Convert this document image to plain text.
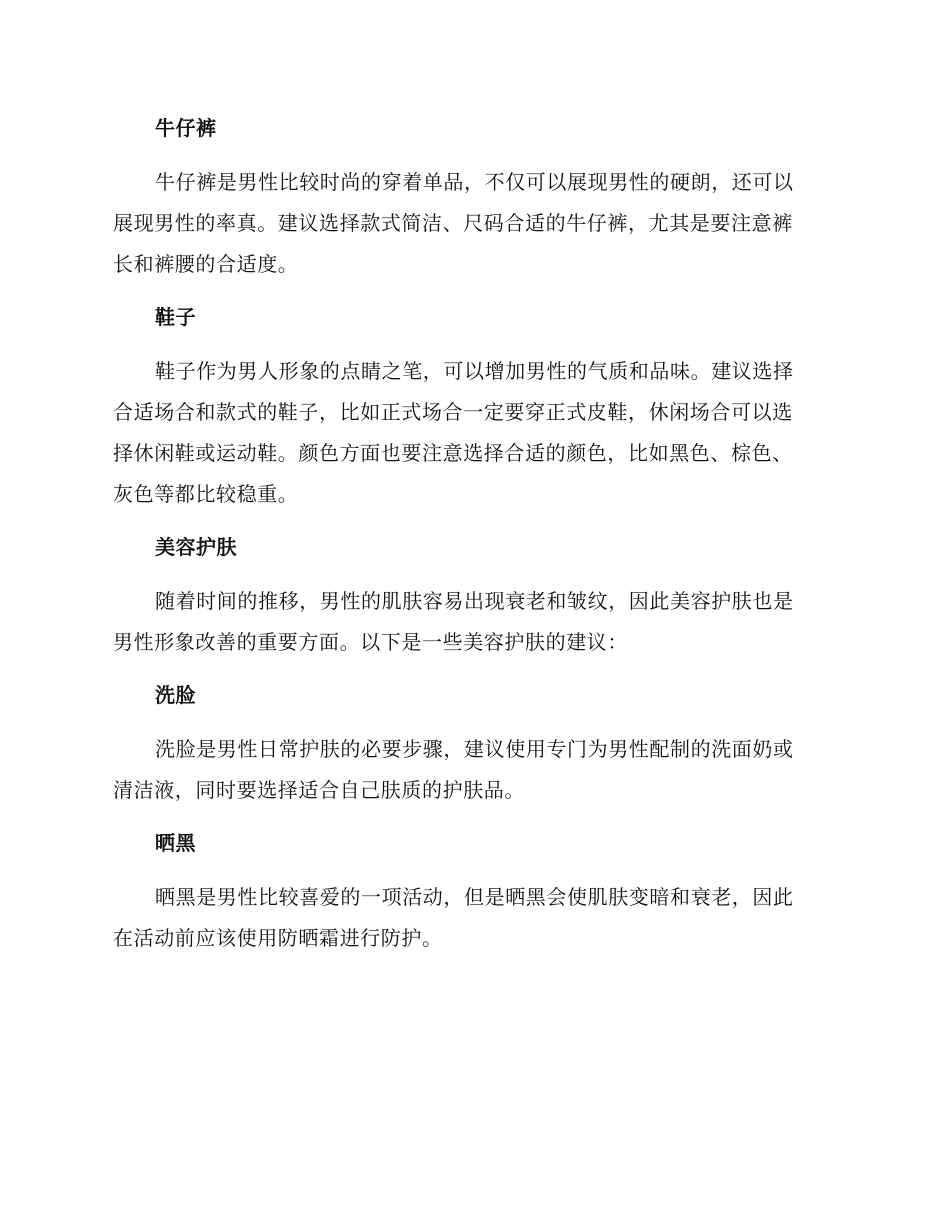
牛仔裤
牛仔裤是男性比较时尚的穿着单品，不仅可以展现男性的硬朗，还可以
展现男性的率真。建议选择款式简洁、尺码合适的牛仔裤，尤其是要注意裤
长和裤腰的合适度。
鞋子
鞋子作为男人形象的点睛之笔，可以增加男性的气质和品味。建议选择
合适场合和款式的鞋子，比如正式场合一定要穿正式皮鞋，休闲场合可以选
择休闲鞋或运动鞋。颜色方面也要注意选择合适的颜色，比如黑色、棕色、
灰色等都比较稳重。
美容护肤
随着时间的推移，男性的肌肤容易出现衰老和皱纹，因此美容护肤也是
男性形象改善的重要方面。以下是一些美容护肤的建议：
洗脸
洗脸是男性日常护肤的必要步骤，建议使用专门为男性配制的洗面奶或
清洁液，同时要选择适合自己肤质的护肤品。
晒黑
晒黑是男性比较喜爱的一项活动，但是晒黑会使肌肤变暗和衰老，因此
在活动前应该使用防晒霜进行防护。
